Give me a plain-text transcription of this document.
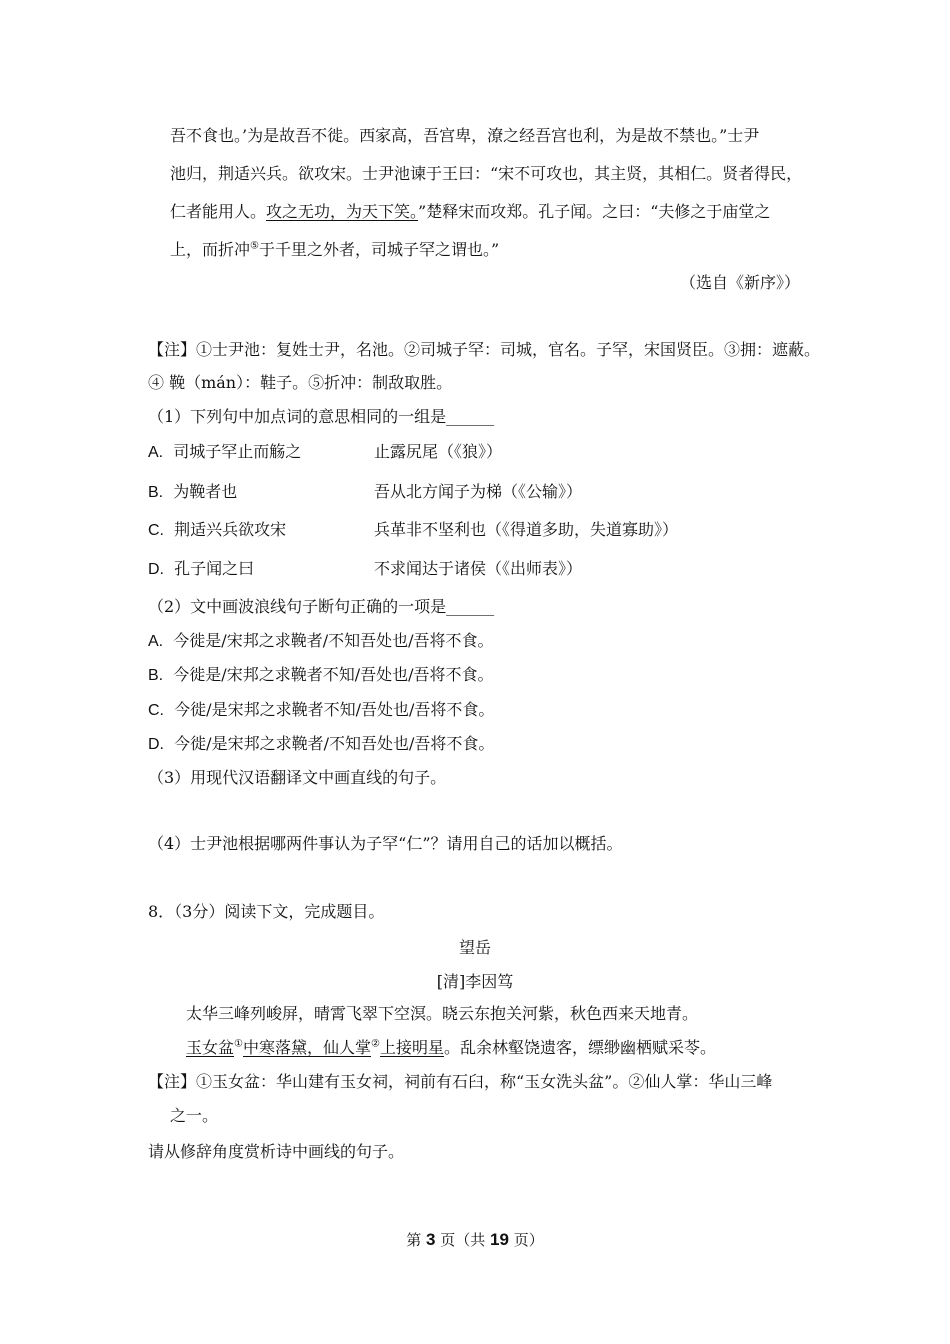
吾不食也。’为是故吾不徙。西家高，吾宫卑，潦之经吾宫也利，为是故不禁也。”士尹
池归，荆适兴兵。欲攻宋。士尹池谏于王曰：“宋不可攻也，其主贤，其相仁。贤者得民，
仁者能用人。攻之无功，为天下笑。”楚释宋而攻郑。孔子闻。之曰：“夫修之于庙堂之
上，而折冲⑤于千里之外者，司城子罕之谓也。”
（选自《新序》）
【注】①士尹池：复姓士尹，名池。②司城子罕：司城，官名。子罕，宋国贤臣。③拥：遮蔽。
④ 鞔（mán）：鞋子。⑤折冲：制敌取胜。
（1）下列句中加点词的意思相同的一组是______
A. 司城子罕止而觞之	止露尻尾（《狼》）
B. 为鞔者也	吾从北方闻子为梯（《公输》）
C. 荆适兴兵欲攻宋	兵革非不坚利也（《得道多助，失道寡助》）
D. 孔子闻之曰	不求闻达于诸侯（《出师表》）
（2）文中画波浪线句子断句正确的一项是______
A. 今徙是/宋邦之求鞔者/不知吾处也/吾将不食。
B. 今徙是/宋邦之求鞔者不知/吾处也/吾将不食。
C. 今徙/是宋邦之求鞔者不知/吾处也/吾将不食。
D. 今徙/是宋邦之求鞔者/不知吾处也/吾将不食。
（3）用现代汉语翻译文中画直线的句子。
（4）士尹池根据哪两件事认为子罕“仁”？请用自己的话加以概括。
8．（3分）阅读下文，完成题目。
望岳
[清]李因笃
太华三峰列峻屏，晴霄飞翠下空溟。晓云东抱关河紫，秋色西来天地青。
玉女盆①中寒落黛，仙人掌②上接明星。乱余林壑饶遗客，缥缈幽栖赋采苓。
【注】①玉女盆：华山建有玉女祠，祠前有石臼，称“玉女洗头盆”。②仙人掌：华山三峰
之一。
请从修辞角度赏析诗中画线的句子。
第 3 页（共 19 页）
